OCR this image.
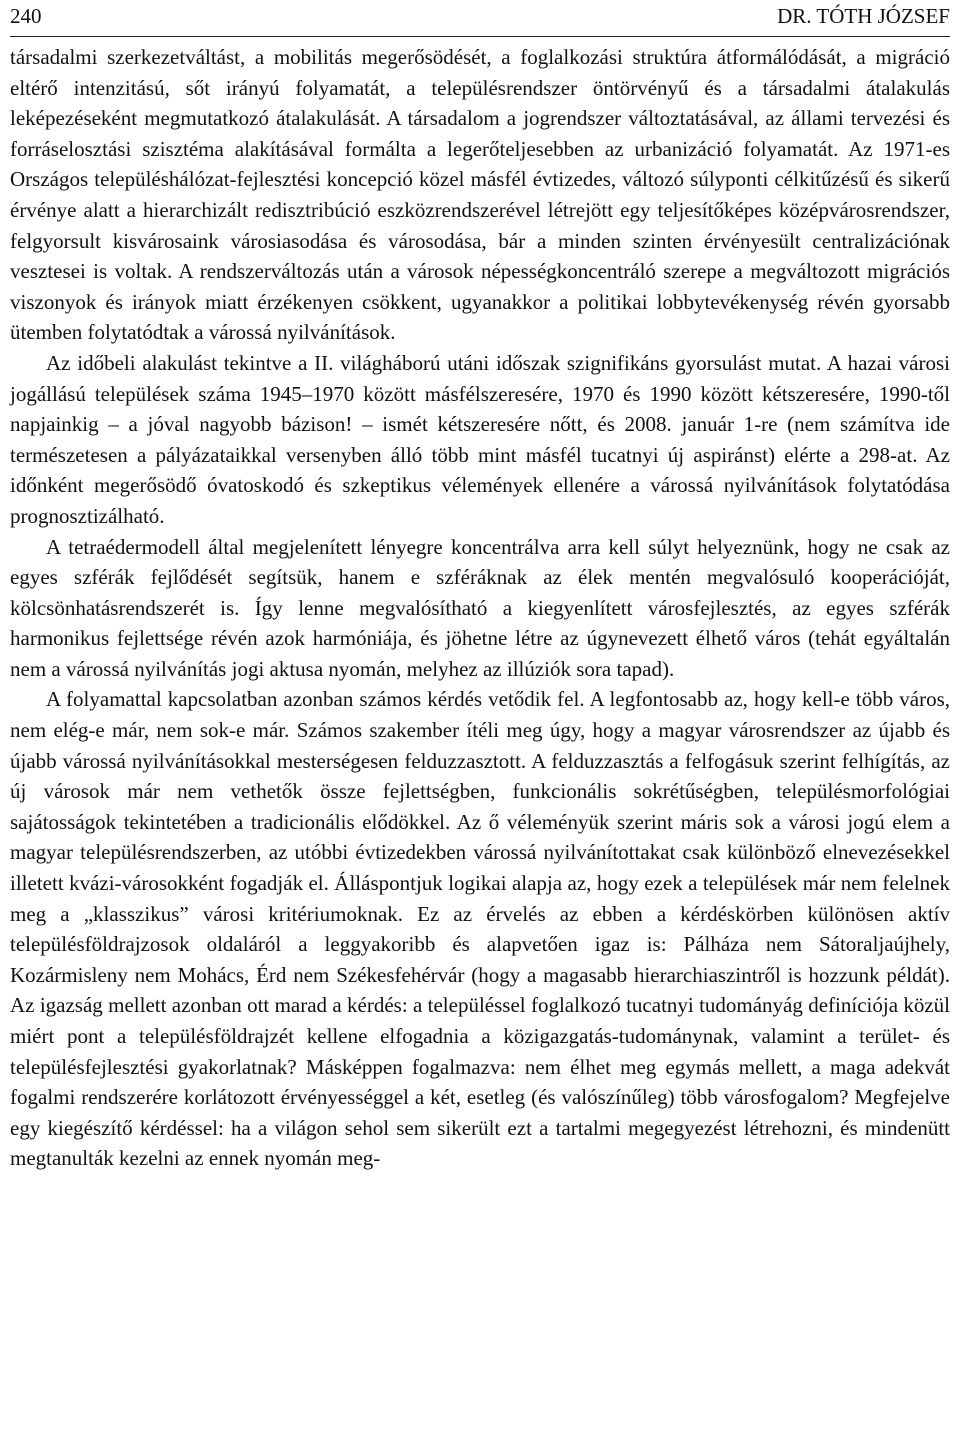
240	DR. TÓTH JÓZSEF

társadalmi szerkezetváltást, a mobilitás megerősödését, a foglalkozási struktúra átformálódását, a migráció eltérő intenzitású, sőt irányú folyamatát, a településrendszer öntörvényű és a társadalmi átalakulás leképezéseként megmutatkozó átalakulását. A társadalom a jogrendszer változtatásával, az állami tervezési és forráselosztási szisztéma alakításával formálta a legerőteljesebben az urbanizáció folyamatát. Az 1971-es Országos településhálózat-fejlesztési koncepció közel másfél évtizedes, változó súlyponti célkitűzésű és sikerű érvénye alatt a hierarchizált redisztribúció eszközrendszerével létrejött egy teljesítőképes középvárosrendszer, felgyorsult kisvárosaink városiasodása és városodása, bár a minden szinten érvényesült centralizációnak vesztesei is voltak. A rendszerváltozás után a városok népességkoncentráló szerepe a megváltozott migrációs viszonyok és irányok miatt érzékenyen csökkent, ugyanakkor a politikai lobbytevékenység révén gyorsabb ütemben folytatódtak a várossá nyilvánítások.

Az időbeli alakulást tekintve a II. világháború utáni időszak szignifikáns gyorsulást mutat. A hazai városi jogállású települések száma 1945–1970 között másfélszeresére, 1970 és 1990 között kétszeresére, 1990-től napjainkig – a jóval nagyobb bázison! – ismét kétszeresére nőtt, és 2008. január 1-re (nem számítva ide természetesen a pályázataikkal versenyben álló több mint másfél tucatnyi új aspiránst) elérte a 298-at. Az időnként megerősödő óvatoskodó és szkeptikus vélemények ellenére a várossá nyilvánítások folytatódása prognosztizálható.

A tetraédermodell által megjelenített lényegre koncentrálva arra kell súlyt helyeznünk, hogy ne csak az egyes szférák fejlődését segítsük, hanem e szféráknak az élek mentén megvalósuló kooperációját, kölcsönhatásrendszerét is. Így lenne megvalósítható a kiegyenlített városfejlesztés, az egyes szférák harmonikus fejlettsége révén azok harmóniája, és jöhetne létre az úgynevezett élhető város (tehát egyáltalán nem a várossá nyilvánítás jogi aktusa nyomán, melyhez az illúziók sora tapad).

A folyamattal kapcsolatban azonban számos kérdés vetődik fel. A legfontosabb az, hogy kell-e több város, nem elég-e már, nem sok-e már. Számos szakember ítéli meg úgy, hogy a magyar városrendszer az újabb és újabb várossá nyilvánításokkal mesterségesen felduzzasztott. A felduzzasztás a felfogásuk szerint felhígítás, az új városok már nem vethetők össze fejlettségben, funkcionális sokrétűségben, településmorfológiai sajátosságok tekintetében a tradicionális elődökkel. Az ő véleményük szerint máris sok a városi jogú elem a magyar településrendszerben, az utóbbi évtizedekben várossá nyilvánítottakat csak különböző elnevezésekkel illetett kvázi-városokként fogadják el. Álláspontjuk logikai alapja az, hogy ezek a települések már nem felelnek meg a „klasszikus” városi kritériumoknak. Ez az érvelés az ebben a kérdéskörben különösen aktív településföldrajzosok oldaláról a leggyakoribb és alapvetően igaz is: Pálháza nem Sátoraljaújhely, Kozármisleny nem Mohács, Érd nem Székesfehérvár (hogy a magasabb hierarchiaszintről is hozzunk példát). Az igazság mellett azonban ott marad a kérdés: a településsel foglalkozó tucatnyi tudományág definíciója közül miért pont a településföldrajzét kellene elfogadnia a közigazgatás-tudománynak, valamint a terület- és településfejlesztési gyakorlatnak? Másképpen fogalmazva: nem élhet meg egymás mellett, a maga adekvát fogalmi rendszerére korlátozott érvényességgel a két, esetleg (és valószínűleg) több városfogalom? Megfejelve egy kiegészítő kérdéssel: ha a világon sehol sem sikerült ezt a tartalmi megegyezést létrehozni, és mindenütt megtanulták kezelni az ennek nyomán meg-
